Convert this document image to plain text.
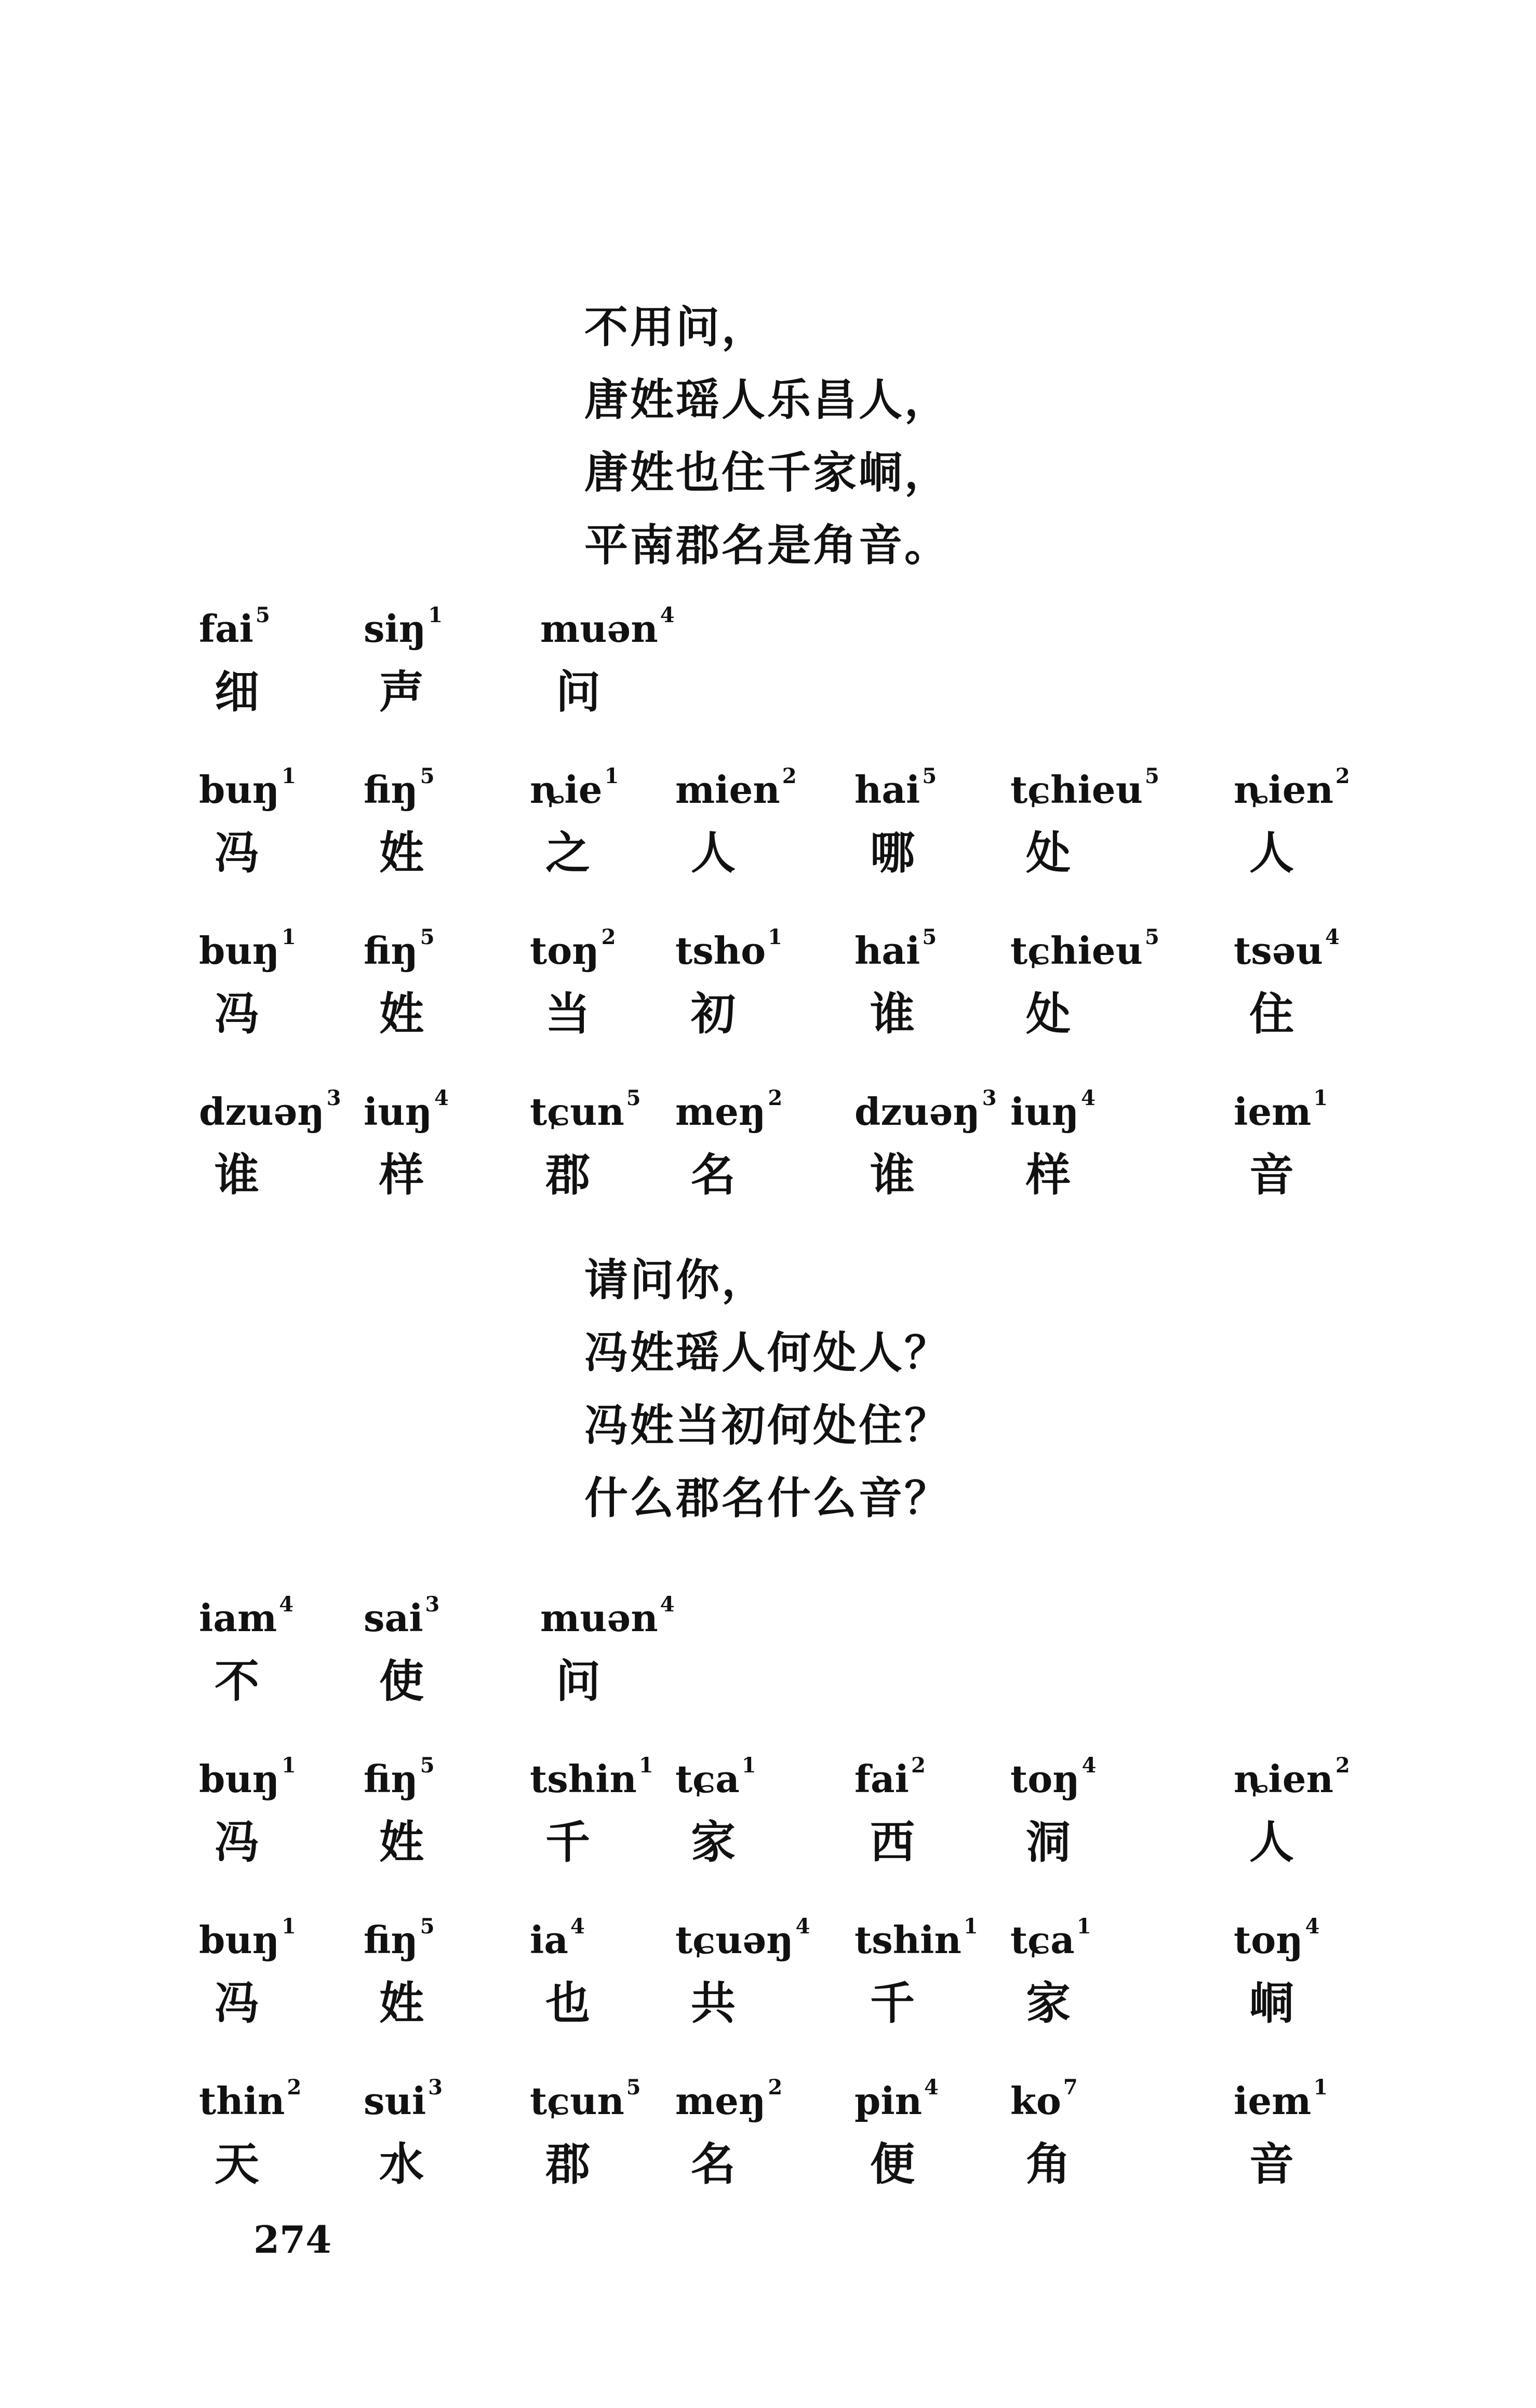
不用问，
唐姓瑶人乐昌人，
唐姓也住千家峒，
平南郡名是角音。
fai $^5$
细
siŋ $^1$
声
muən $^4$
问
buŋ $^1$
冯
fiŋ $^5$
姓
ȵie $^1$
之
mien $^2$
人
hai $^5$
哪
tɕhieu $^5$
处
ȵien $^2$
人
buŋ $^1$
冯
fiŋ $^5$
姓
toŋ $^2$
当
tsho $^1$
初
hai $^5$
谁
tɕhieu $^5$
处
tsəu $^4$
住
dzuəŋ $^3$
谁
iuŋ $^4$
样
tɕun $^5$
郡
meŋ $^2$
名
dzuəŋ $^3$
谁
iuŋ $^4$
样
iem $^1$
音
请问你，
冯姓瑶人何处人？
冯姓当初何处住？
什么郡名什么音？
iam $^4$
不
sai $^3$
使
muən $^4$
问
buŋ $^1$
冯
fiŋ $^5$
姓
tshin $^1$
千
tɕa $^1$
家
fai $^2$
西
toŋ $^4$
洞
ȵien $^2$
人
buŋ $^1$
冯
fiŋ $^5$
姓
ia $^4$
也
tɕuəŋ $^4$
共
tshin $^1$
千
tɕa $^1$
家
toŋ $^4$
峒
thin $^2$
天
sui $^3$
水
tɕun $^5$
郡
meŋ $^2$
名
pin $^4$
便
ko $^7$
角
iem $^1$
音
274
